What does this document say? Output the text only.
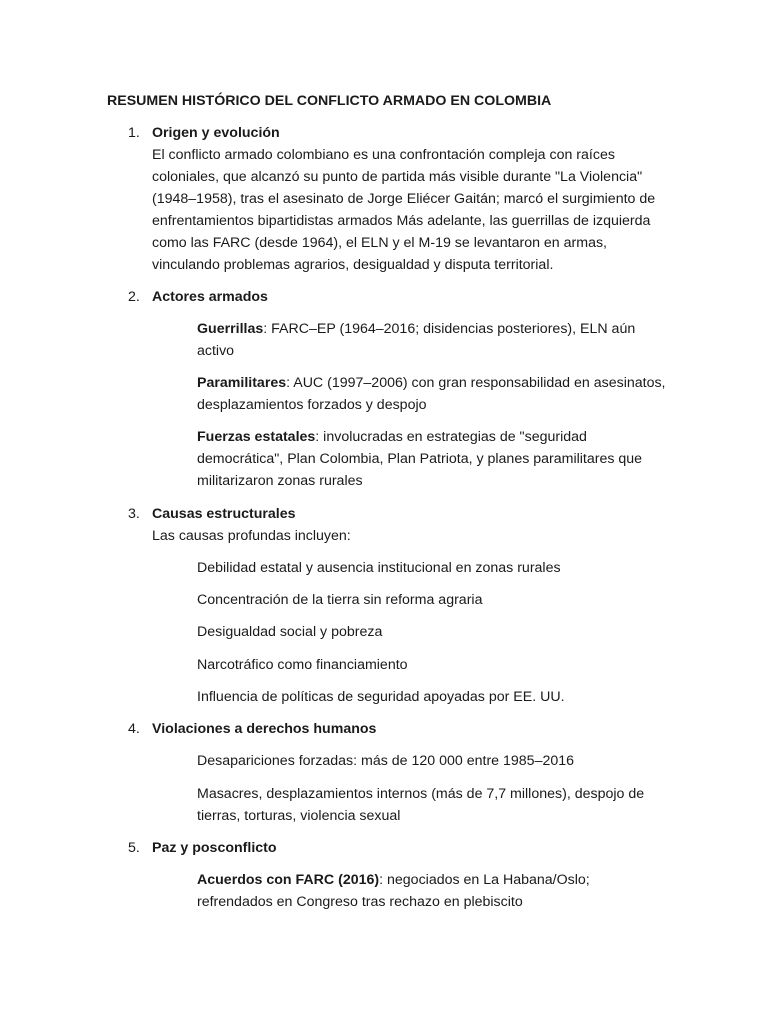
RESUMEN HISTÓRICO DEL CONFLICTO ARMADO EN COLOMBIA
1. Origen y evolución
El conflicto armado colombiano es una confrontación compleja con raíces coloniales, que alcanzó su punto de partida más visible durante "La Violencia" (1948–1958), tras el asesinato de Jorge Eliécer Gaitán; marcó el surgimiento de enfrentamientos bipartidistas armados Más adelante, las guerrillas de izquierda como las FARC (desde 1964), el ELN y el M-19 se levantaron en armas, vinculando problemas agrarios, desigualdad y disputa territorial.
2. Actores armados
Guerrillas: FARC–EP (1964–2016; disidencias posteriores), ELN aún activo
Paramilitares: AUC (1997–2006) con gran responsabilidad en asesinatos, desplazamientos forzados y despojo
Fuerzas estatales: involucradas en estrategias de "seguridad democrática", Plan Colombia, Plan Patriota, y planes paramilitares que militarizaron zonas rurales
3. Causas estructurales
Las causas profundas incluyen:
Debilidad estatal y ausencia institucional en zonas rurales
Concentración de la tierra sin reforma agraria
Desigualdad social y pobreza
Narcotráfico como financiamiento
Influencia de políticas de seguridad apoyadas por EE. UU.
4. Violaciones a derechos humanos
Desapariciones forzadas: más de 120 000 entre 1985–2016
Masacres, desplazamientos internos (más de 7,7 millones), despojo de tierras, torturas, violencia sexual
5. Paz y posconflicto
Acuerdos con FARC (2016): negociados en La Habana/Oslo; refrendados en Congreso tras rechazo en plebiscito
